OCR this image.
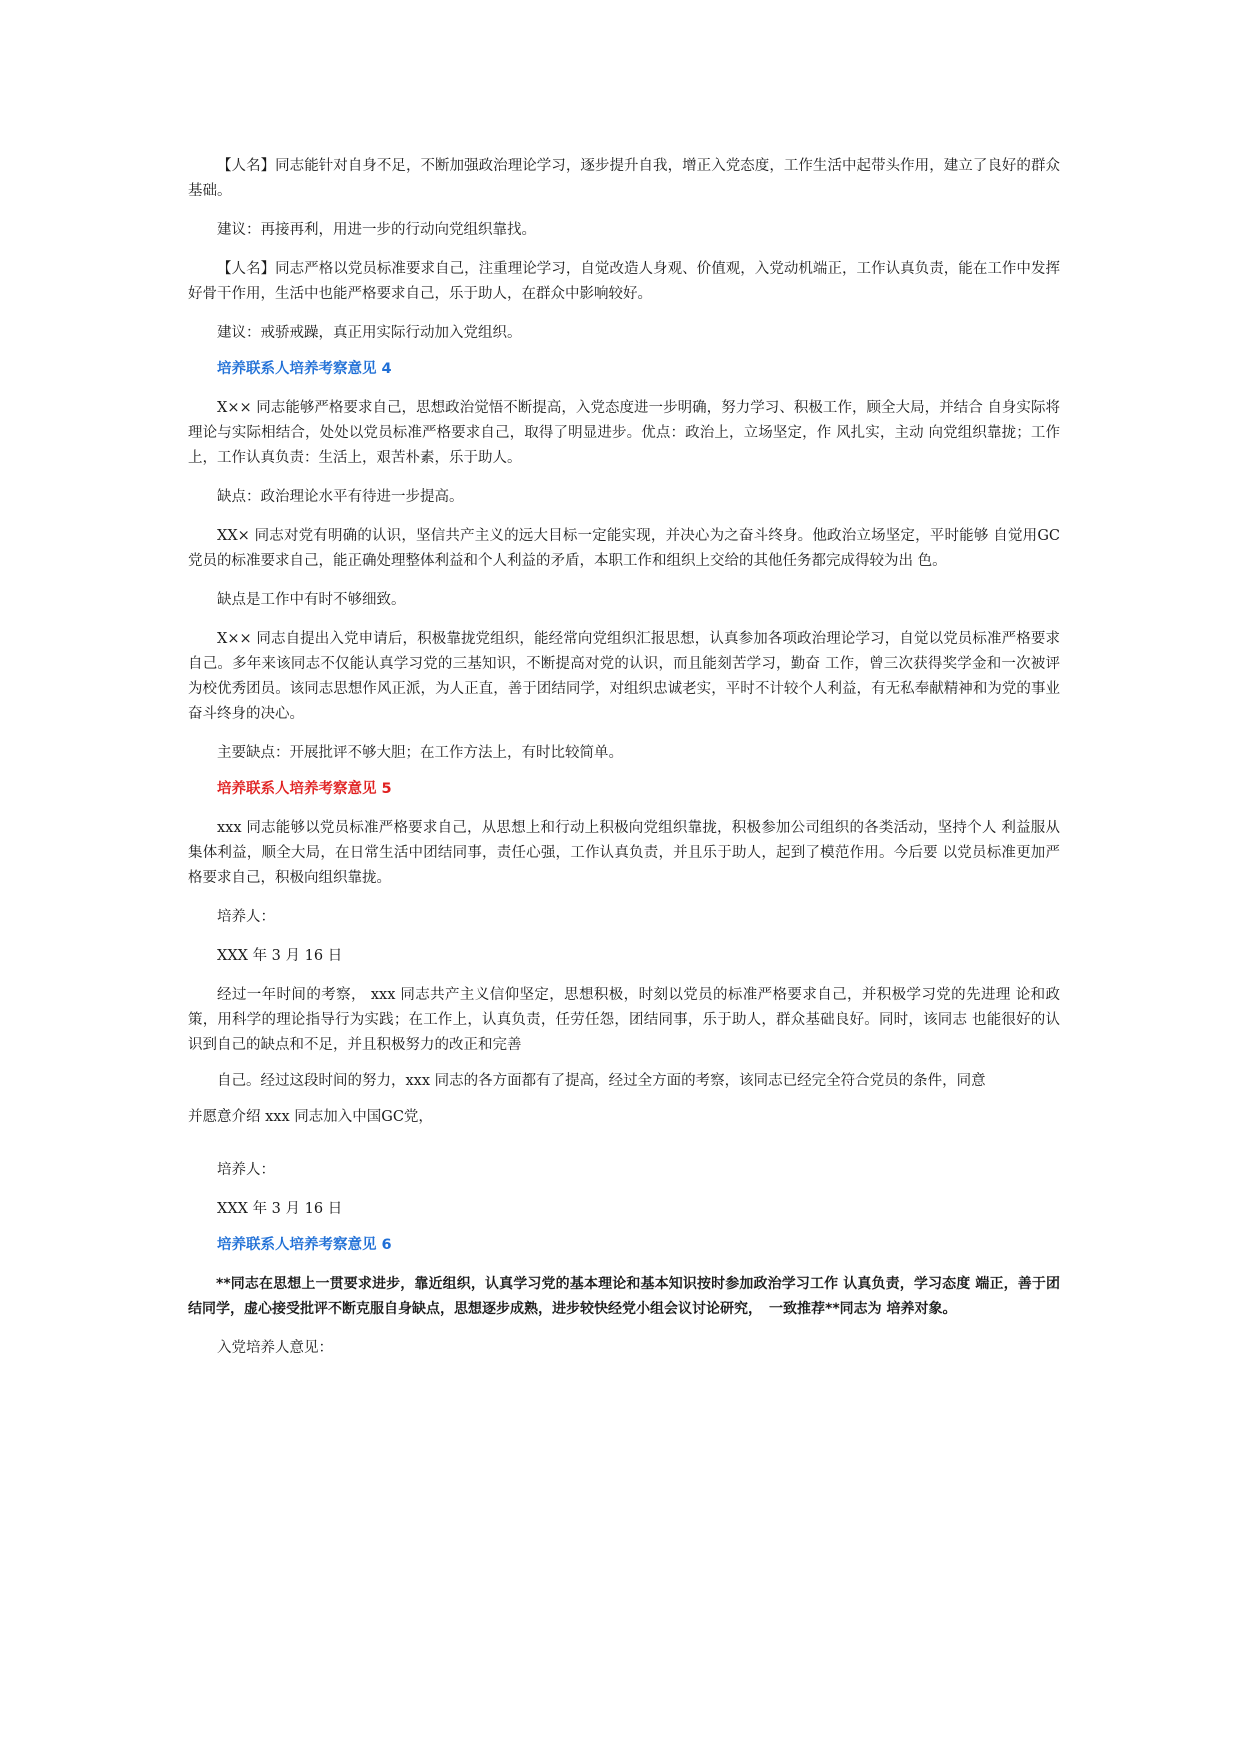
【人名】同志能针对自身不足，不断加强政治理论学习，逐步提升自我，增正入党态度，工作生活中起带头作用，建立了良好的群众基础。

建议：再接再利，用进一步的行动向党组织靠找。

【人名】同志严格以党员标准要求自己，注重理论学习，自觉改造人身观、价值观，入党动机端正，工作认真负责，能在工作中发挥好骨干作用，生活中也能严格要求自己，乐于助人，在群众中影响较好。

建议：戒骄戒躁，真正用实际行动加入党组织。

培养联系人培养考察意见 4

X×× 同志能够严格要求自己，思想政治觉悟不断提高，入党态度进一步明确，努力学习、积极工作，顾全大局，并结合 自身实际将理论与实际相结合，处处以党员标准严格要求自己，取得了明显进步。优点：政治上，立场坚定，作 风扎实，主动 向党组织靠拢；工作上，工作认真负责：生活上，艰苦朴素，乐于助人。

缺点：政治理论水平有待进一步提高。

XX× 同志对党有明确的认识，坚信共产主义的远大目标一定能实现，并决心为之奋斗终身。他政治立场坚定，平时能够 自觉用GC党员的标准要求自己，能正确处理整体利益和个人利益的矛盾，本职工作和组织上交给的其他任务都完成得较为出 色。

缺点是工作中有时不够细致。

X×× 同志自提出入党申请后，积极靠拢党组织，能经常向党组织汇报思想，认真参加各项政治理论学习，自觉以党员标准严格要求自己。多年来该同志不仅能认真学习党的三基知识，不断提高对党的认识，而且能刻苦学习，勤奋 工作，曾三次获得奖学金和一次被评为校优秀团员。该同志思想作风正派，为人正直，善于团结同学，对组织忠诚老实，平时不计较个人利益，有无私奉献精神和为党的事业奋斗终身的决心。

主要缺点：开展批评不够大胆；在工作方法上，有时比较简单。

培养联系人培养考察意见 5

xxx 同志能够以党员标准严格要求自己，从思想上和行动上积极向党组织靠拢，积极参加公司组织的各类活动，坚持个人 利益服从集体利益，顺全大局，在日常生活中团结同事，责任心强，工作认真负责，并且乐于助人，起到了模范作用。今后要 以党员标准更加严格要求自己，积极向组织靠拢。

培养人：

XXX 年 3 月 16 日

经过一年时间的考察， xxx 同志共产主义信仰坚定，思想积极，时刻以党员的标准严格要求自己，并积极学习党的先进理 论和政策，用科学的理论指导行为实践；在工作上，认真负责，任劳任怨，团结同事，乐于助人，群众基础良好。同时，该同志 也能很好的认识到自己的缺点和不足，并且积极努力的改正和完善

自己。经过这段时间的努力，xxx 同志的各方面都有了提高，经过全方面的考察，该同志已经完全符合党员的条件，同意

并愿意介绍 xxx 同志加入中国GC党，

培养人：

XXX 年 3 月 16 日

培养联系人培养考察意见 6

**同志在思想上一贯要求进步，靠近组织，认真学习党的基本理论和基本知识按时参加政治学习工作 认真负责，学习态度 端正，善于团结同学，虚心接受批评不断克服自身缺点，思想逐步成熟，进步较快经党小组会议讨论研究，　一致推荐**同志为 培养对象。

入党培养人意见：
